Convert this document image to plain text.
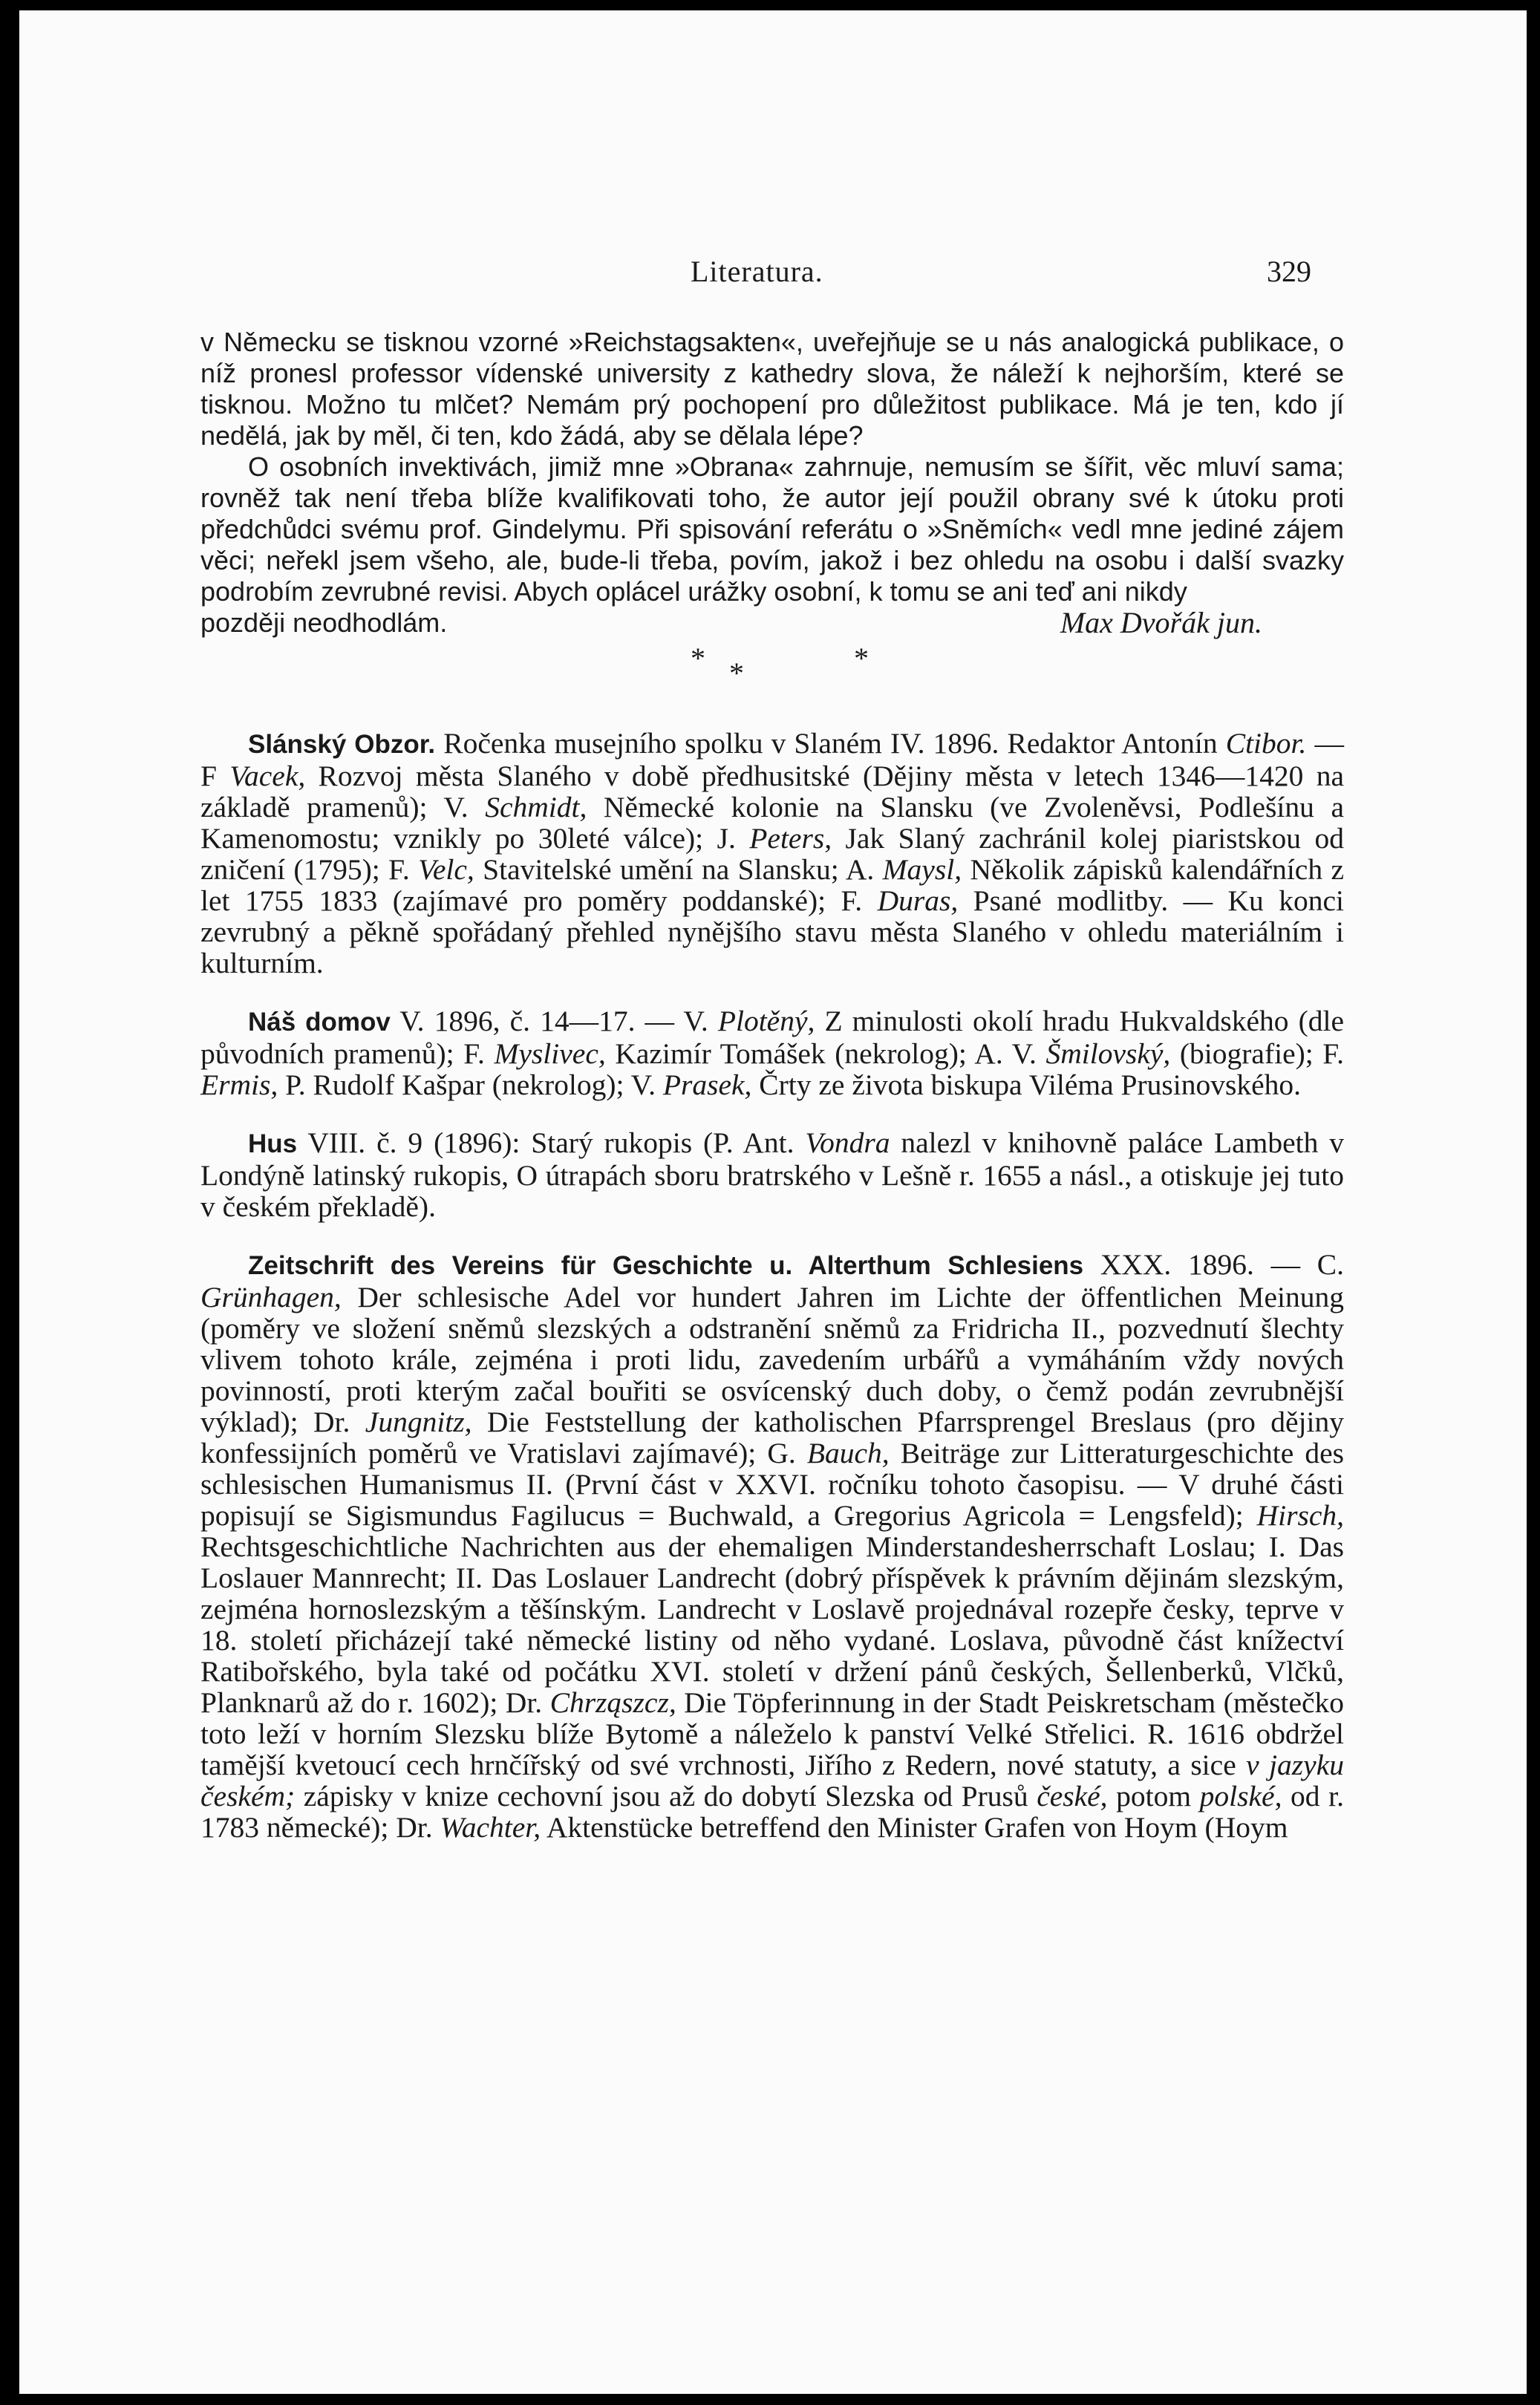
Literatura.	329

v Německu se tisknou vzorné »Reichstagsakten«, uveřejňuje se u nás analogická publikace, o níž pronesl professor vídenské university z kathedry slova, že náleží k nejhorším, které se tisknou. Možno tu mlčet? Nemám prý pochopení pro důležitost publikace. Má je ten, kdo jí nedělá, jak by měl, či ten, kdo žádá, aby se dělala lépe?

O osobních invektivách, jimiž mne »Obrana« zahrnuje, nemusím se šířit, věc mluví sama; rovněž tak není třeba blíže kvalifikovati toho, že autor její použil obrany své k útoku proti předchůdci svému prof. Gindelymu. Při spisování referátu o »Sněmích« vedl mne jediné zájem věci; neřekl jsem všeho, ale, bude-li třeba, povím, jakož i bez ohledu na osobu i další svazky podrobím zevrubné revisi. Abych oplácel urážky osobní, k tomu se ani teď ani nikdy

později neodhodlám.	Max Dvořák jun.
* *	*

Slánský Obzor. Ročenka musejního spolku v Slaném IV. 1896. Redaktor Antonín Ctibor. — F Vacek, Rozvoj města Slaného v době předhusitské (Dějiny města v letech 1346—1420 na základě pramenů); V. Schmidt, Německé kolonie na Slansku (ve Zvoleněvsi, Podlešínu a Kamenomostu; vznikly po 30leté válce); J. Peters, Jak Slaný zachránil kolej piaristskou od zničení (1795); F. Velc, Stavitelské umění na Slansku; A. Maysl, Několik zápisků kalendářních z let 1755 1833 (zajímavé pro poměry poddanské); F. Duras, Psané modlitby. — Ku konci zevrubný a pěkně spořádaný přehled nynějšího stavu města Slaného v ohledu materiálním i kulturním.

Náš domov V. 1896, č. 14—17. — V. Plotěný, Z minulosti okolí hradu Hukvaldského (dle původních pramenů); F. Myslivec, Kazimír Tomášek (nekrolog); A. V. Šmilovský, (biografie); F. Ermis, P. Rudolf Kašpar (nekrolog); V. Prasek, Črty ze života biskupa Viléma Prusinovského.

Hus VIII. č. 9 (1896): Starý rukopis (P. Ant. Vondra nalezl v knihovně paláce Lambeth v Londýně latinský rukopis, O útrapách sboru bratrského v Lešně r. 1655 a násl., a otiskuje jej tuto v českém překladě).

Zeitschrift des Vereins für Geschichte u. Alterthum Schlesiens XXX. 1896. — C. Grünhagen, Der schlesische Adel vor hundert Jahren im Lichte der öffentlichen Meinung (poměry ve složení sněmů slezských a odstranění sněmů za Fridricha II., pozvednutí šlechty vlivem tohoto krále, zejména i proti lidu, zavedením urbářů a vymáháním vždy nových povinností, proti kterým začal bouřiti se osvícenský duch doby, o čemž podán zevrubnější výklad); Dr. Jungnitz, Die Feststellung der katholischen Pfarrsprengel Breslaus (pro dějiny konfessijních poměrů ve Vratislavi zajímavé); G. Bauch, Beiträge zur Litteraturgeschichte des schlesischen Humanismus II. (První část v XXVI. ročníku tohoto časopisu. — V druhé části popisují se Sigismundus Fagilucus = Buchwald, a Gregorius Agricola = Lengsfeld); Hirsch, Rechtsgeschichtliche Nachrichten aus der ehemaligen Minderstandesherrschaft Loslau; I. Das Loslauer Mannrecht; II. Das Loslauer Landrecht (dobrý příspěvek k právním dějinám slezským, zejména hornoslezským a těšínským. Landrecht v Loslavě projednával rozepře česky, teprve v 18. století přicházejí také německé listiny od něho vydané. Loslava, původně část knížectví Ratibořského, byla také od počátku XVI. století v držení pánů českých, Šellenberků, Vlčků, Planknarů až do r. 1602); Dr. Chrząszcz, Die Töpferinnung in der Stadt Peiskretscham (městečko toto leží v horním Slezsku blíže Bytomě a náleželo k panství Velké Střelici. R. 1616 obdržel tamější kvetoucí cech hrnčířský od své vrchnosti, Jiřího z Redern, nové statuty, a sice v jazyku českém; zápisky v knize cechovní jsou až do dobytí Slezska od Prusů české, potom polské, od r. 1783 německé); Dr. Wachter, Aktenstücke betreffend den Minister Grafen von Hoym (Hoym
